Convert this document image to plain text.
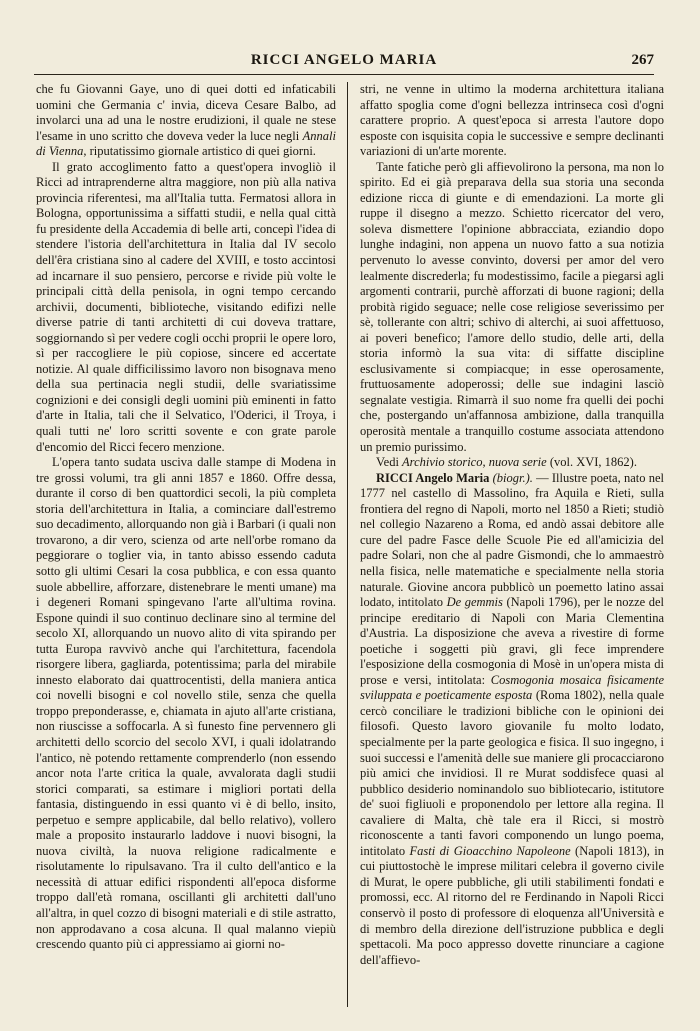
RICCI ANGELO MARIA	267

che fu Giovanni Gaye, uno di quei dotti ed infaticabili uomini che Germania c' invia, diceva Cesare Balbo, ad involarci una ad una le nostre erudizioni, il quale ne stese l'esame in uno scritto che doveva veder la luce negli Annali di Vienna, riputatissimo giornale artistico di quei giorni.

Il grato accoglimento fatto a quest'opera invogliò il Ricci ad intraprenderne altra maggiore, non più alla nativa provincia riferentesi, ma all'Italia tutta. Fermatosi allora in Bologna, opportunissima a siffatti studii, e nella qual città fu presidente della Accademia di belle arti, concepì l'idea di stendere l'istoria dell'architettura in Italia dal IV secolo dell'êra cristiana sino al cadere del XVIII, e tosto accintosi ad incarnare il suo pensiero, percorse e rivide più volte le principali città della penisola, in ogni tempo cercando archivii, documenti, biblioteche, visitando edifizi nelle diverse patrie di tanti architetti di cui doveva trattare, soggiornando sì per vedere cogli occhi proprii le opere loro, sì per raccogliere le più copiose, sincere ed accertate notizie. Al quale difficilissimo lavoro non bisognava meno della sua pertinacia negli studii, delle svariatissime cognizioni e dei consigli degli uomini più eminenti in fatto d'arte in Italia, tali che il Selvatico, l'Oderici, il Troya, i quali tutti ne' loro scritti sovente e con grate parole d'encomio del Ricci fecero menzione.

L'opera tanto sudata usciva dalle stampe di Modena in tre grossi volumi, tra gli anni 1857 e 1860. Offre dessa, durante il corso di ben quattordici secoli, la più completa storia dell'architettura in Italia, a cominciare dall'estremo suo decadimento, allorquando non già i Barbari (i quali non trovarono, a dir vero, scienza od arte nell'orbe romano da peggiorare o toglier via, in tanto abisso essendo caduta sotto gli ultimi Cesari la cosa pubblica, e con essa quanto suole abbellire, afforzare, distenebrare le menti umane) ma i degeneri Romani spingevano l'arte all'ultima rovina. Espone quindi il suo continuo declinare sino al termine del secolo XI, allorquando un nuovo alito di vita spirando per tutta Europa ravvivò anche qui l'architettura, facendola risorgere libera, gagliarda, potentissima; parla del mirabile innesto elaborato dai quattrocentisti, della maniera antica coi novelli bisogni e col novello stile, senza che quella troppo preponderasse, e, chiamata in ajuto all'arte cristiana, non riuscisse a soffocarla. A sì funesto fine pervennero gli architetti dello scorcio del secolo XVI, i quali idolatrando l'antico, nè potendo rettamente comprenderlo (non essendo ancor nota l'arte critica la quale, avvalorata dagli studii storici comparati, sa estimare i migliori portati della fantasia, distinguendo in essi quanto vi è di bello, insito, perpetuo e sempre applicabile, dal bello relativo), vollero male a proposito instaurarlo laddove i nuovi bisogni, la nuova civiltà, la nuova religione radicalmente e risolutamente lo ripulsavano. Tra il culto dell'antico e la necessità di attuar edifici rispondenti all'epoca disforme troppo dall'età romana, oscillanti gli architetti dall'uno all'altra, in quel cozzo di bisogni materiali e di stile astratto, non approdavano a cosa alcuna. Il qual malanno viepiù crescendo quanto più ci appressiamo ai giorni no-

stri, ne venne in ultimo la moderna architettura italiana affatto spoglia come d'ogni bellezza intrinseca così d'ogni carattere proprio. A quest'epoca si arresta l'autore dopo esposte con isquisita copia le successive e sempre declinanti variazioni di un'arte morente.

Tante fatiche però gli affievolirono la persona, ma non lo spirito. Ed ei già preparava della sua storia una seconda edizione ricca di giunte e di emendazioni. La morte gli ruppe il disegno a mezzo. Schietto ricercator del vero, soleva dismettere l'opinione abbracciata, eziandio dopo lunghe indagini, non appena un nuovo fatto a sua notizia pervenuto lo avesse convinto, doversi per amor del vero lealmente discrederla; fu modestissimo, facile a piegarsi agli argomenti contrarii, purchè afforzati di buone ragioni; della probità rigido seguace; nelle cose religiose severissimo per sè, tollerante con altri; schivo di alterchi, ai suoi affettuoso, ai poveri benefico; l'amore dello studio, delle arti, della storia informò la sua vita: di siffatte discipline esclusivamente si compiacque; in esse operosamente, fruttuosamente adoperossi; delle sue indagini lasciò segnalate vestigia. Rimarrà il suo nome fra quelli dei pochi che, postergando un'affannosa ambizione, dalla tranquilla operosità mentale a tranquillo costume associata attendono un premio purissimo.

Vedi Archivio storico, nuova serie (vol. XVI, 1862).

RICCI Angelo Maria (biogr.). — Illustre poeta, nato nel 1777 nel castello di Massolino, fra Aquila e Rieti, sulla frontiera del regno di Napoli, morto nel 1850 a Rieti; studiò nel collegio Nazareno a Roma, ed andò assai debitore alle cure del padre Fasce delle Scuole Pie ed all'amicizia del padre Solari, non che al padre Gismondi, che lo ammaestrò nella fisica, nelle matematiche e specialmente nella storia naturale. Giovine ancora pubblicò un poemetto latino assai lodato, intitolato De gemmis (Napoli 1796), per le nozze del principe ereditario di Napoli con Maria Clementina d'Austria. La disposizione che aveva a rivestire di forme poetiche i soggetti più gravi, gli fece imprendere l'esposizione della cosmogonia di Mosè in un'opera mista di prose e versi, intitolata: Cosmogonia mosaica fisicamente sviluppata e poeticamente esposta (Roma 1802), nella quale cercò conciliare le tradizioni bibliche con le opinioni dei filosofi. Questo lavoro giovanile fu molto lodato, specialmente per la parte geologica e fisica. Il suo ingegno, i suoi successi e l'amenità delle sue maniere gli procacciarono più amici che invidiosi. Il re Murat soddisfece quasi al pubblico desiderio nominandolo suo bibliotecario, istitutore de' suoi figliuoli e proponendolo per lettore alla regina. Il cavaliere di Malta, chè tale era il Ricci, si mostrò riconoscente a tanti favori componendo un lungo poema, intitolato Fasti di Gioacchino Napoleone (Napoli 1813), in cui piuttostochè le imprese militari celebra il governo civile di Murat, le opere pubbliche, gli utili stabilimenti fondati e promossi, ecc. Al ritorno del re Ferdinando in Napoli Ricci conservò il posto di professore di eloquenza all'Università e di membro della direzione dell'istruzione pubblica e degli spettacoli. Ma poco appresso dovette rinunciare a cagione dell'affievo-
